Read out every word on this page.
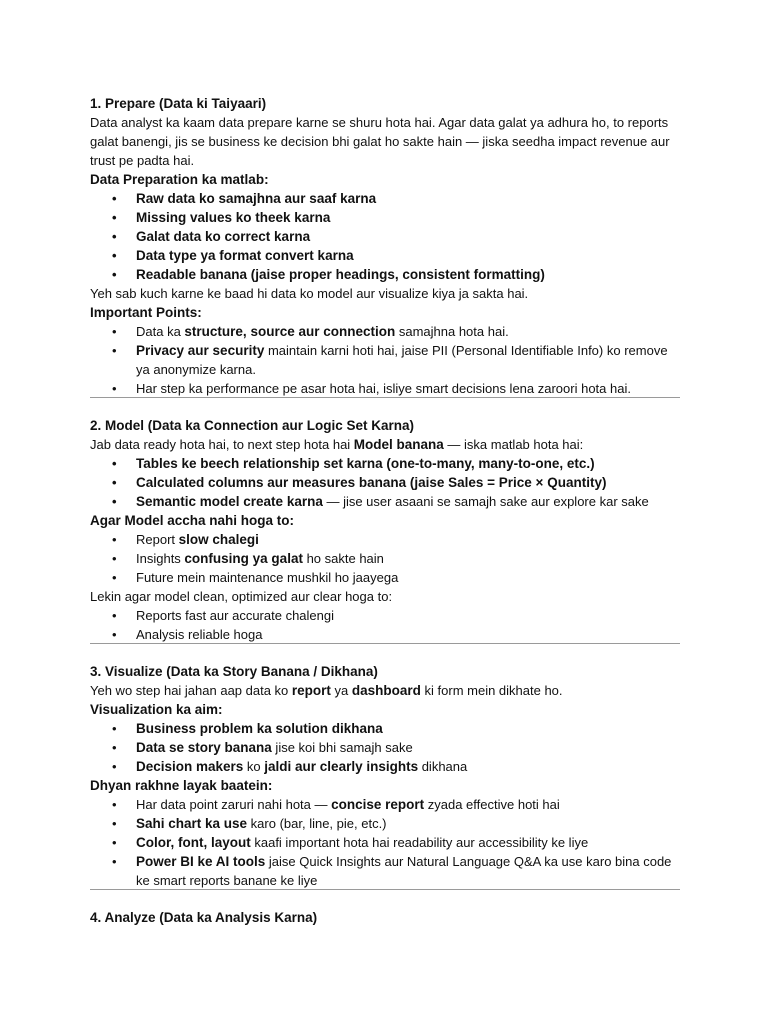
1. Prepare (Data ki Taiyaari)
Data analyst ka kaam data prepare karne se shuru hota hai. Agar data galat ya adhura ho, to reports galat banengi, jis se business ke decision bhi galat ho sakte hain — jiska seedha impact revenue aur trust pe padta hai.
Data Preparation ka matlab:
• Raw data ko samajhna aur saaf karna
• Missing values ko theek karna
• Galat data ko correct karna
• Data type ya format convert karna
• Readable banana (jaise proper headings, consistent formatting)
Yeh sab kuch karne ke baad hi data ko model aur visualize kiya ja sakta hai.
Important Points:
• Data ka structure, source aur connection samajhna hota hai.
• Privacy aur security maintain karni hoti hai, jaise PII (Personal Identifiable Info) ko remove ya anonymize karna.
• Har step ka performance pe asar hota hai, isliye smart decisions lena zaroori hota hai.
2. Model (Data ka Connection aur Logic Set Karna)
Jab data ready hota hai, to next step hota hai Model banana — iska matlab hota hai:
• Tables ke beech relationship set karna (one-to-many, many-to-one, etc.)
• Calculated columns aur measures banana (jaise Sales = Price × Quantity)
• Semantic model create karna — jise user asaani se samajh sake aur explore kar sake
Agar Model accha nahi hoga to:
• Report slow chalegi
• Insights confusing ya galat ho sakte hain
• Future mein maintenance mushkil ho jaayega
Lekin agar model clean, optimized aur clear hoga to:
• Reports fast aur accurate chalengi
• Analysis reliable hoga
3. Visualize (Data ka Story Banana / Dikhana)
Yeh wo step hai jahan aap data ko report ya dashboard ki form mein dikhate ho.
Visualization ka aim:
• Business problem ka solution dikhana
• Data se story banana jise koi bhi samajh sake
• Decision makers ko jaldi aur clearly insights dikhana
Dhyan rakhne layak baatein:
• Har data point zaruri nahi hota — concise report zyada effective hoti hai
• Sahi chart ka use karo (bar, line, pie, etc.)
• Color, font, layout kaafi important hota hai readability aur accessibility ke liye
• Power BI ke AI tools jaise Quick Insights aur Natural Language Q&A ka use karo bina code ke smart reports banane ke liye
4. Analyze (Data ka Analysis Karna)
